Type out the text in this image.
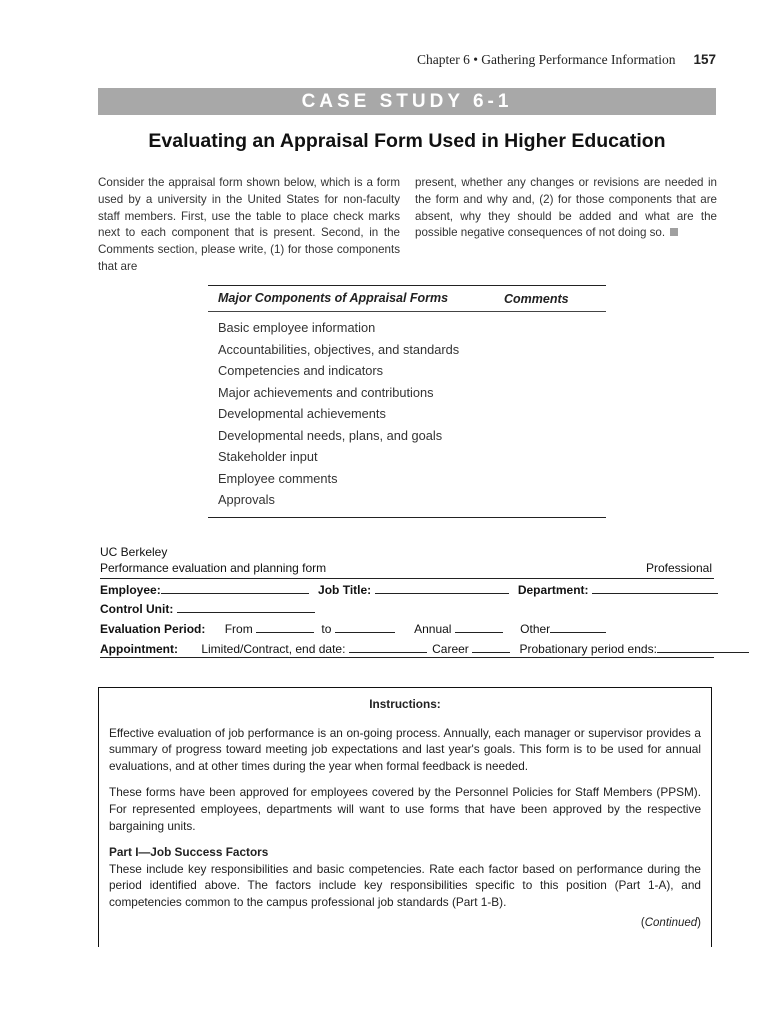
Chapter 6 • Gathering Performance Information 157
CASE STUDY 6-1
Evaluating an Appraisal Form Used in Higher Education
Consider the appraisal form shown below, which is a form used by a university in the United States for non-faculty staff members. First, use the table to place check marks next to each component that is present. Second, in the Comments section, please write, (1) for those components that are
present, whether any changes or revisions are needed in the form and why and, (2) for those components that are absent, why they should be added and what are the possible negative consequences of not doing so.
Major Components of Appraisal Forms	Comments
Basic employee information
Accountabilities, objectives, and standards
Competencies and indicators
Major achievements and contributions
Developmental achievements
Developmental needs, plans, and goals
Stakeholder input
Employee comments
Approvals
UC Berkeley
Performance evaluation and planning form	Professional
Employee:	Job Title:	Department:
Control Unit:
Evaluation Period: From	to	Annual	Other
Appointment: Limited/Contract, end date:	Career	Probationary period ends:
Instructions:

Effective evaluation of job performance is an on-going process. Annually, each manager or supervisor provides a summary of progress toward meeting job expectations and last year's goals. This form is to be used for annual evaluations, and at other times during the year when formal feedback is needed.

These forms have been approved for employees covered by the Personnel Policies for Staff Members (PPSM). For represented employees, departments will want to use forms that have been approved by the respective bargaining units.

Part I—Job Success Factors

These include key responsibilities and basic competencies. Rate each factor based on performance during the period identified above. The factors include key responsibilities specific to this position (Part 1-A), and competencies common to the campus professional job standards (Part 1-B).

(Continued)
